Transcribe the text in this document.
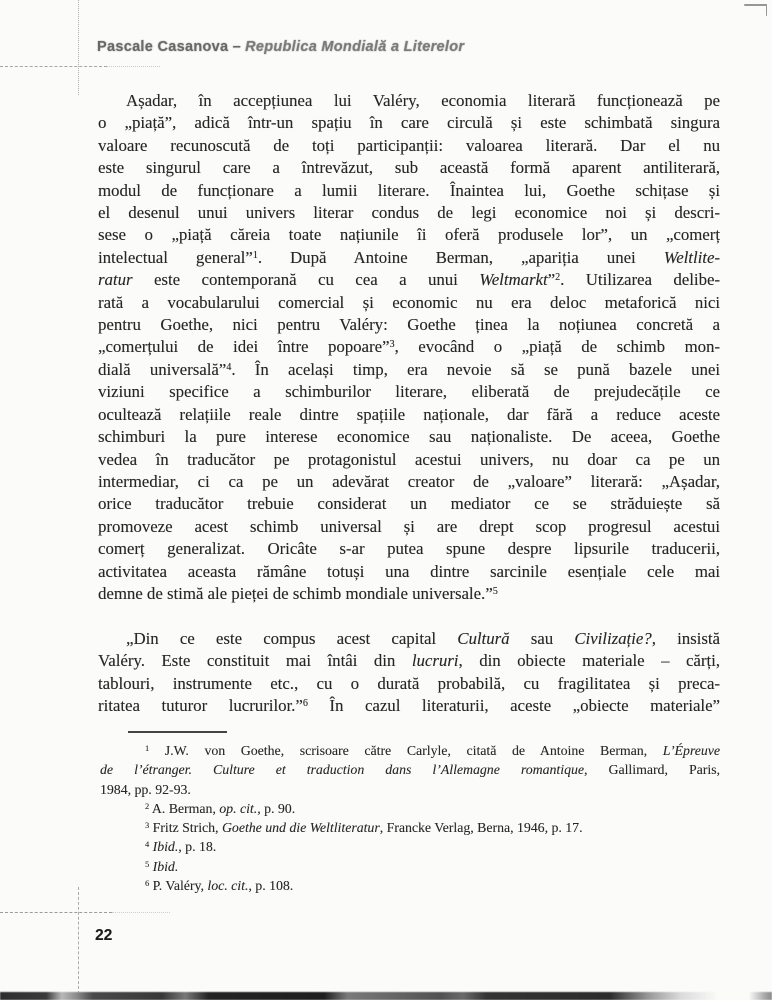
Pascale Casanova – Republica Mondială a Literelor
Așadar, în accepțiunea lui Valéry, economia literară funcționează pe
o „piață”, adică într-un spațiu în care circulă și este schimbată singura
valoare recunoscută de toți participanții: valoarea literară. Dar el nu
este singurul care a întrevăzut, sub această formă aparent antiliterară,
modul de funcționare a lumii literare. Înaintea lui, Goethe schițase și
el desenul unui univers literar condus de legi economice noi și descri-
sese o „piață căreia toate națiunile îi oferă produsele lor”, un „comerț
intelectual general”$^1$. După Antoine Berman, „apariția unei Weltlite-
ratur este contemporană cu cea a unui Weltmarkt”$^2$. Utilizarea delibe-
rată a vocabularului comercial și economic nu era deloc metaforică nici
pentru Goethe, nici pentru Valéry: Goethe ținea la noțiunea concretă a
„comerțului de idei între popoare”$^3$, evocând o „piață de schimb mon-
dială universală”$^4$. În același timp, era nevoie să se pună bazele unei
viziuni specifice a schimburilor literare, eliberată de prejudecățile ce
ocultează relațiile reale dintre spațiile naționale, dar fără a reduce aceste
schimburi la pure interese economice sau naționaliste. De aceea, Goethe
vedea în traducător pe protagonistul acestui univers, nu doar ca pe un
intermediar, ci ca pe un adevărat creator de „valoare” literară: „Așadar,
orice traducător trebuie considerat un mediator ce se străduiește să
promoveze acest schimb universal și are drept scop progresul acestui
comerț generalizat. Oricâte s-ar putea spune despre lipsurile traducerii,
activitatea aceasta rămâne totuși una dintre sarcinile esențiale cele mai
demne de stimă ale pieței de schimb mondiale universale.”$^5$
„Din ce este compus acest capital Cultură sau Civilizație?, insistă
Valéry. Este constituit mai întâi din lucruri, din obiecte materiale – cărți,
tablouri, instrumente etc., cu o durată probabilă, cu fragilitatea și preca-
ritatea tuturor lucrurilor.”$^6$ În cazul literaturii, aceste „obiecte materiale”
$^1$ J.W. von Goethe, scrisoare către Carlyle, citată de Antoine Berman, L’Épreuve
de l’étranger. Culture et traduction dans l’Allemagne romantique, Gallimard, Paris,
1984, pp. 92-93.
$^2$ A. Berman, op. cit., p. 90.
$^3$ Fritz Strich, Goethe und die Weltliteratur, Francke Verlag, Berna, 1946, p. 17.
$^4$ Ibid., p. 18.
$^5$ Ibid.
$^6$ P. Valéry, loc. cit., p. 108.
22
